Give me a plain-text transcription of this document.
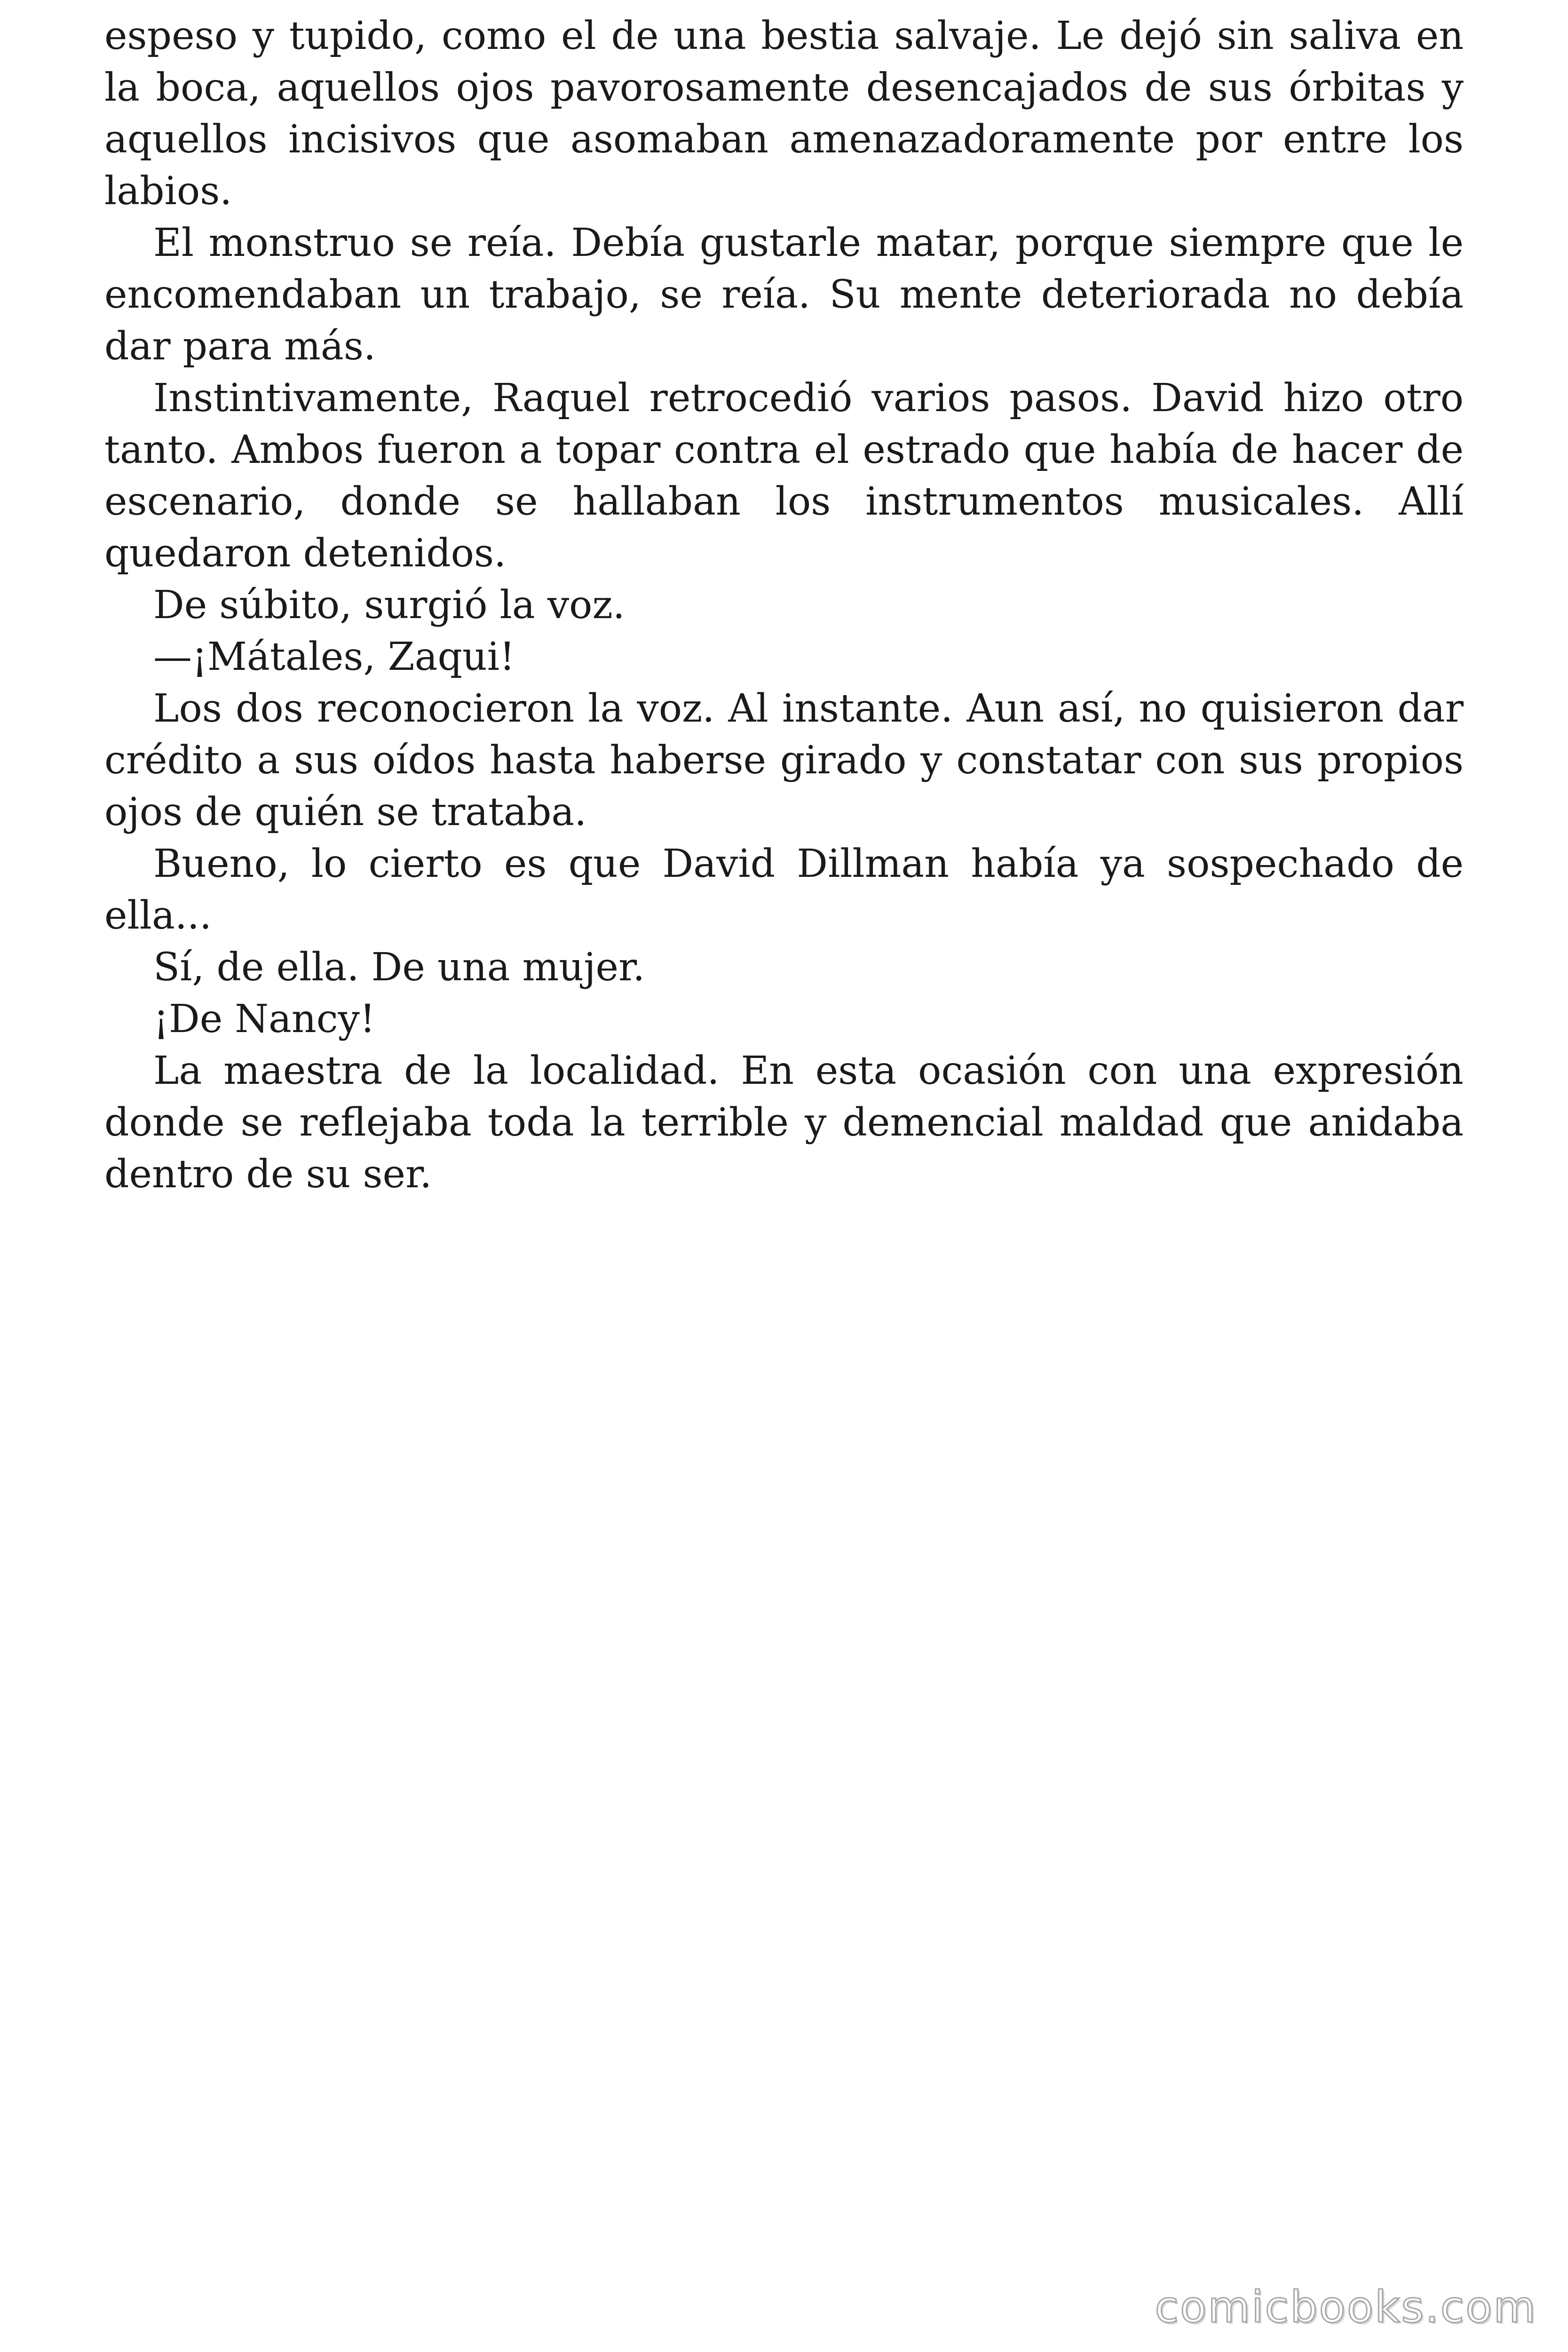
espeso y tupido, como el de una bestia salvaje. Le dejó sin saliva en la boca, aquellos ojos pavorosamente desencajados de sus órbitas y aquellos incisivos que asomaban amenazadoramente por entre los labios.

El monstruo se reía. Debía gustarle matar, porque siempre que le encomendaban un trabajo, se reía. Su mente deteriorada no debía dar para más.

Instintivamente, Raquel retrocedió varios pasos. David hizo otro tanto. Ambos fueron a topar contra el estrado que había de hacer de escenario, donde se hallaban los instrumentos musicales. Allí quedaron detenidos.

De súbito, surgió la voz.

—¡Mátales, Zaqui!

Los dos reconocieron la voz. Al instante. Aun así, no quisieron dar crédito a sus oídos hasta haberse girado y constatar con sus propios ojos de quién se trataba.

Bueno, lo cierto es que David Dillman había ya sospechado de ella...

Sí, de ella. De una mujer.

¡De Nancy!

La maestra de la localidad. En esta ocasión con una expresión donde se reflejaba toda la terrible y demencial maldad que anidaba dentro de su ser.

comicbooks.com
